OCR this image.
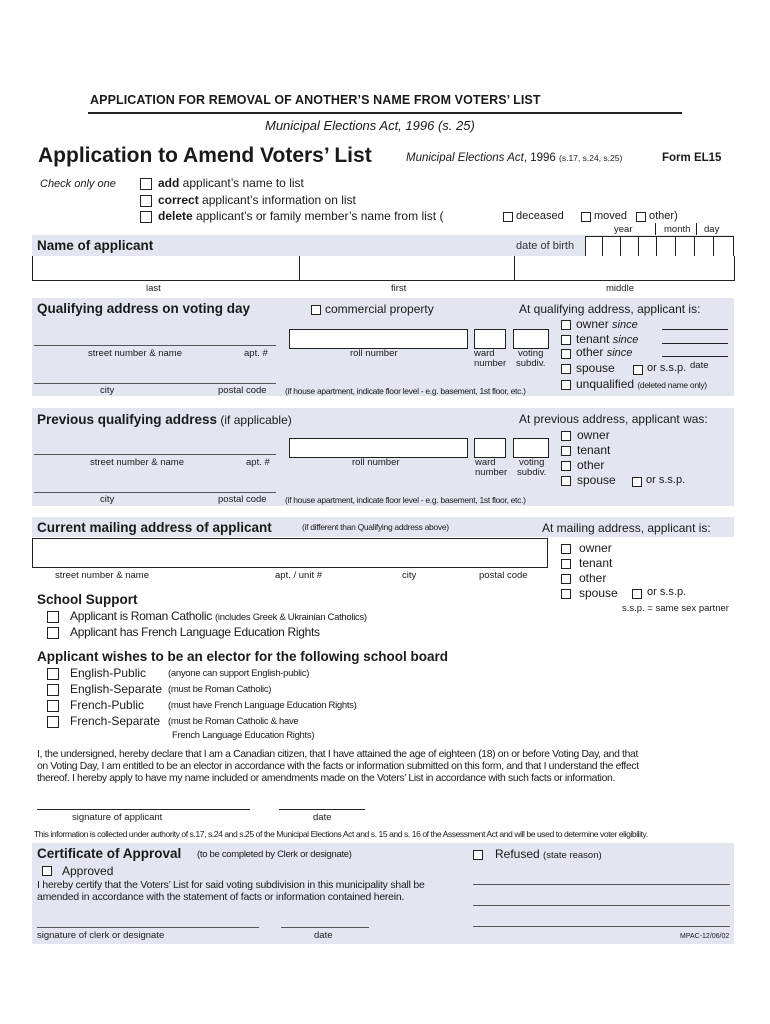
APPLICATION FOR REMOVAL OF ANOTHER’S NAME FROM VOTERS’ LIST
Municipal Elections Act, 1996 (s. 25)
Application to Amend Voters’ List	Municipal Elections Act, 1996 (s.17, s.24, s.25)	Form EL15
Check only one	add applicant’s name to list
correct applicant’s information on list
delete applicant’s or family member’s name from list (	deceased	moved other)
Name of applicant
year	month day
date of birth
last	first	middle
Qualifying address on voting day	commercial property	At qualifying address, applicant is:
street number & name	apt. #	roll number	ward
number
voting
subdiv.
city	postal code (if house apartment, indicate floor level - e.g. basement, 1st floor, etc.)
owner since
tenant since
other since
spouse	or s.s.p. date
unqualified (deleted name only)
Previous qualifying address (if applicable)	At previous address, applicant was:
street number & name	apt. #	roll number	ward
number
voting
subdiv.
city	postal code (if house apartment, indicate floor level - e.g. basement, 1st floor, etc.)
owner
tenant
other
spouse	or s.s.p.
Current mailing address of applicant	(if different than Qualifying address above)	At mailing address, applicant is:
street number & name	apt. / unit #	city	postal code
owner
tenant
other
spouse	or s.s.p.
s.s.p. = same sex partner
School Support
Applicant is Roman Catholic (includes Greek & Ukrainian Catholics)
Applicant has French Language Education Rights
Applicant wishes to be an elector for the following school board
English-Public (anyone can support English-public)
English-Separate (must be Roman Catholic)
French-Public	(must have French Language Education Rights)
French-Separate (must be Roman Catholic & have
French Language Education Rights)
I, the undersigned, hereby declare that I am a Canadian citizen, that I have attained the age of eighteen (18) on or before Voting Day, and that
on Voting Day, I am entitled to be an elector in accordance with the facts or information submitted on this form, and that I understand the effect
thereof. I hereby apply to have my name included or amendments made on the Voters’ List in accordance with such facts or information.
signature of applicant	date
This information is collected under authority of s.17, s.24 and s.25 of the Municipal Elections Act and s. 15 and s. 16 of the Assessment Act and will be used to determine voter eligibility.
Certificate of Approval (to be completed by Clerk or designate)	Refused (state reason)
Approved
I hereby certify that the Voters’ List for said voting subdivision in this municipality shall be
amended in accordance with the statement of facts or information contained herein.
signature of clerk or designate	date	MPAC-12/06/02
